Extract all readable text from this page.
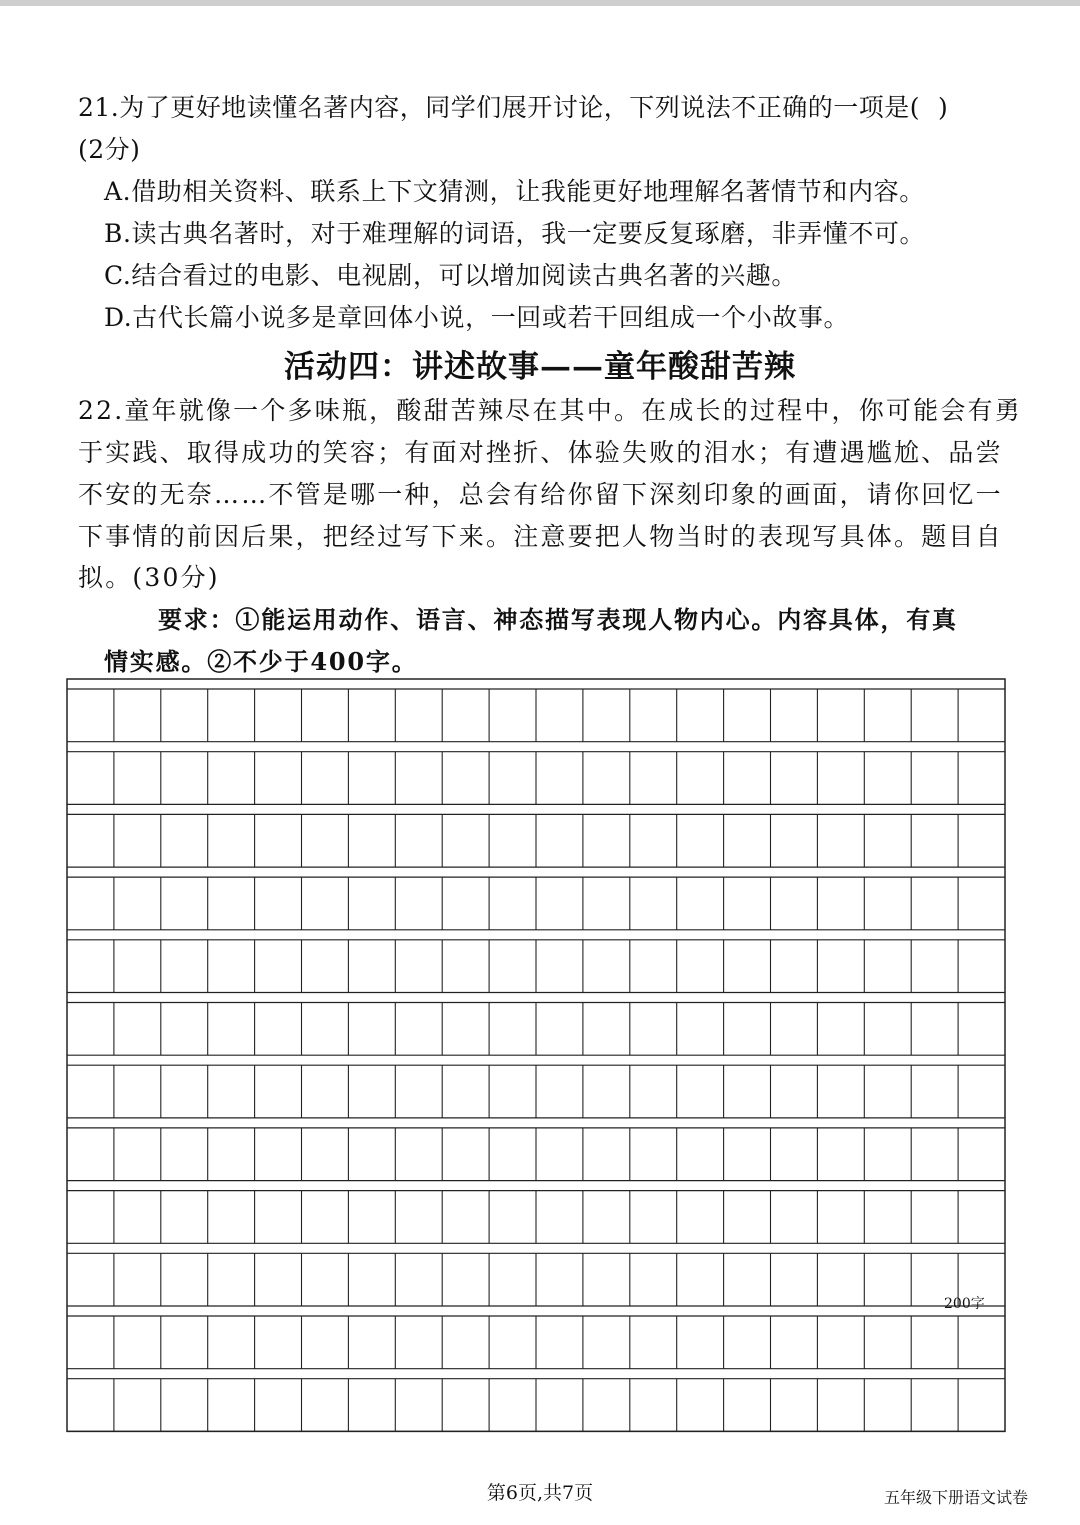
21.为了更好地读懂名著内容，同学们展开讨论，下列说法不正确的一项是( )
(2分)
A.借助相关资料、联系上下文猜测，让我能更好地理解名著情节和内容。
B.读古典名著时，对于难理解的词语，我一定要反复琢磨，非弄懂不可。
C.结合看过的电影、电视剧，可以增加阅读古典名著的兴趣。
D.古代长篇小说多是章回体小说，一回或若干回组成一个小故事。
活动四：讲述故事——童年酸甜苦辣
22.童年就像一个多味瓶，酸甜苦辣尽在其中。在成长的过程中，你可能会有勇
于实践、取得成功的笑容；有面对挫折、体验失败的泪水；有遭遇尴尬、品尝
不安的无奈……不管是哪一种，总会有给你留下深刻印象的画面，请你回忆一
下事情的前因后果，把经过写下来。注意要把人物当时的表现写具体。题目自
拟。(30分)
要求：①能运用动作、语言、神态描写表现人物内心。内容具体，有真
情实感。②不少于400字。
200字
第6页,共7页	五年级下册语文试卷
